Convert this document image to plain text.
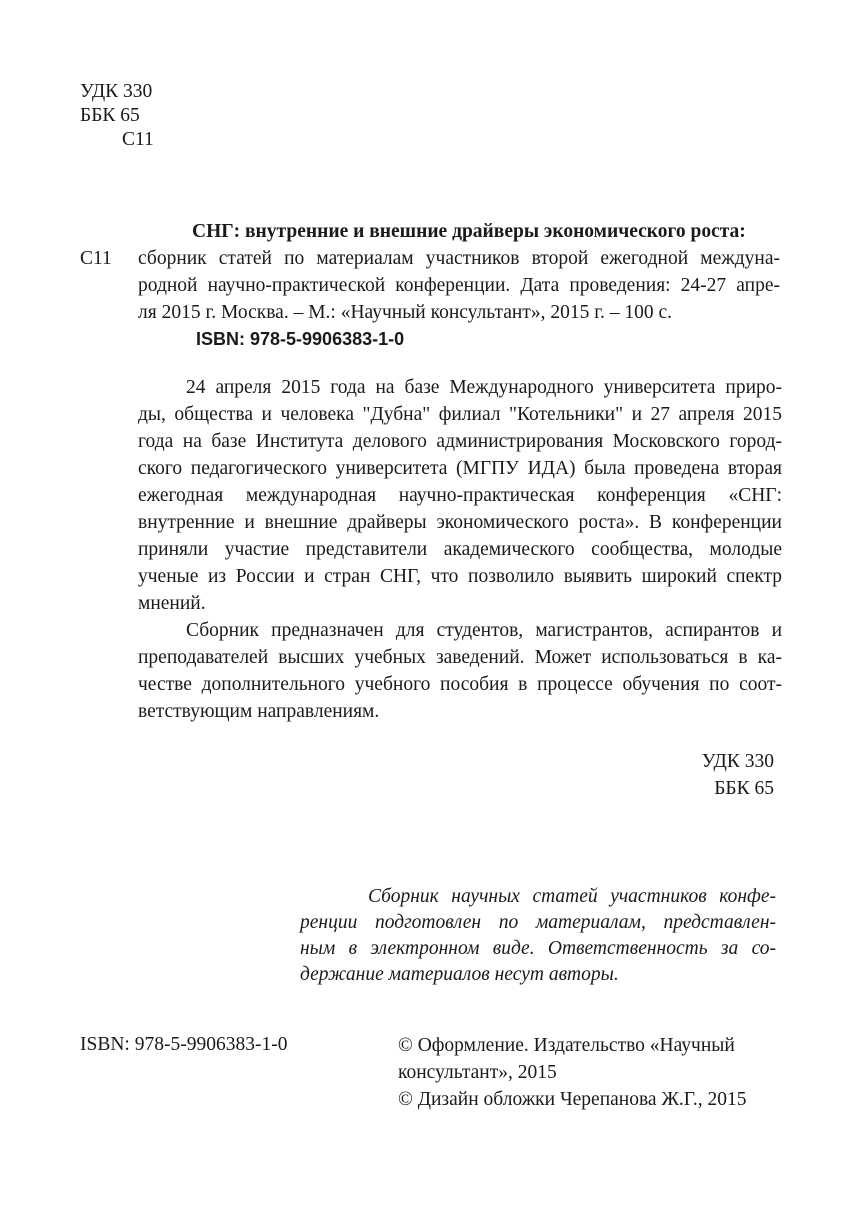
УДК 330
ББК 65
С11
СНГ: внутренние и внешние драйверы экономического роста:
С11	сборник статей по материалам участников второй ежегодной междуна-
родной научно-практической конференции. Дата проведения: 24-27 апре-
ля 2015 г. Москва. – М.: «Научный консультант», 2015 г. – 100 с.
ISBN: 978-5-9906383-1-0
24 апреля 2015 года на базе Международного университета приро-
ды, общества и человека "Дубна" филиал "Котельники" и 27 апреля 2015
года на базе Института делового администрирования Московского город-
ского педагогического университета (МГПУ ИДА) была проведена вторая
ежегодная международная научно-практическая конференция «СНГ:
внутренние и внешние драйверы экономического роста». В конференции
приняли участие представители академического сообщества, молодые
ученые из России и стран СНГ, что позволило выявить широкий спектр
мнений.
Сборник предназначен для студентов, магистрантов, аспирантов и
преподавателей высших учебных заведений. Может использоваться в ка-
честве дополнительного учебного пособия в процессе обучения по соот-
ветствующим направлениям.
УДК 330
ББК 65
Сборник научных статей участников конфе-
ренции подготовлен по материалам, представлен-
ным в электронном виде. Ответственность за со-
держание материалов несут авторы.
ISBN: 978-5-9906383-1-0	© Оформление. Издательство «Научный
консультант», 2015
© Дизайн обложки Черепанова Ж.Г., 2015
